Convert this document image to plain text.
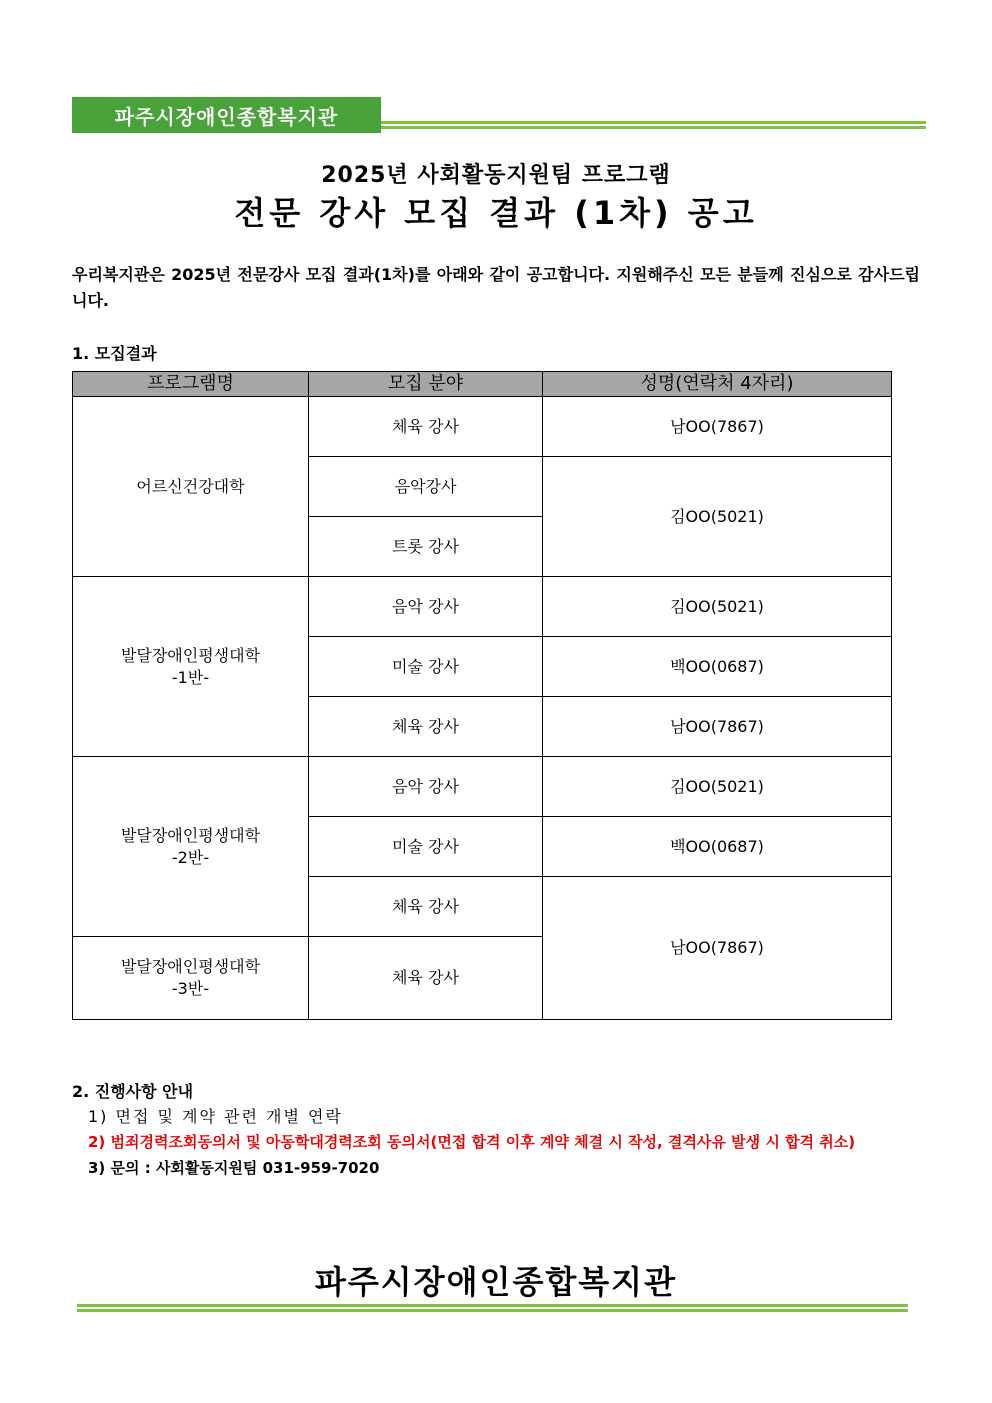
파주시장애인종합복지관
2025년 사회활동지원팀 프로그램
전문 강사 모집 결과 (1차) 공고
우리복지관은 2025년 전문강사 모집 결과(1차)를 아래와 같이 공고합니다. 지원해주신 모든 분들께 진심으로 감사드립니다.
1. 모집결과
프로그램명	모집 분야	성명(연락처 4자리)
어르신건강대학	체육 강사	남OO(7867)
	음악강사	김OO(5021)
	트롯 강사	
발달장애인평생대학
-1반-	음악 강사	김OO(5021)
	미술 강사	백OO(0687)
	체육 강사	남OO(7867)
발달장애인평생대학
-2반-	음악 강사	김OO(5021)
	미술 강사	백OO(0687)
	체육 강사	남OO(7867)
발달장애인평생대학
-3반-	체육 강사	
2. 진행사항 안내
1) 면접 및 계약 관련 개별 연락
2) 범죄경력조회동의서 및 아동학대경력조회 동의서(면접 합격 이후 계약 체결 시 작성, 결격사유 발생 시 합격 취소)
3) 문의 : 사회활동지원팀 031-959-7020
파주시장애인종합복지관
